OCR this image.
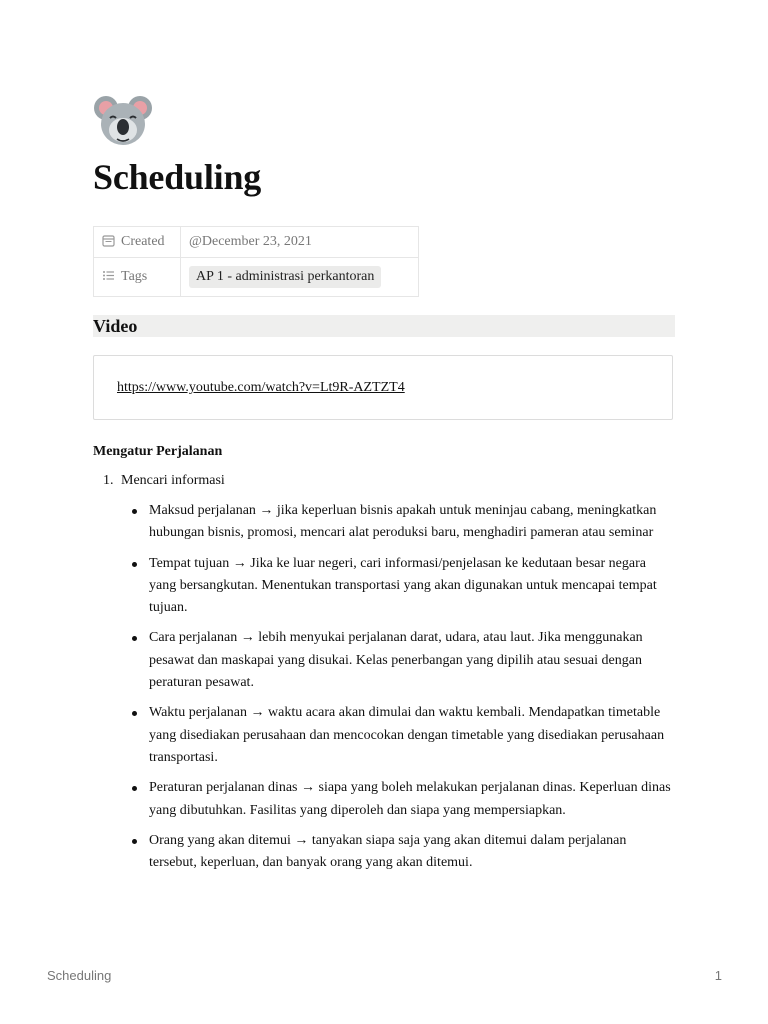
Scheduling
Created	@December 23, 2021
Tags	AP 1 - administrasi perkantoran
Video
https://www.youtube.com/watch?v=Lt9R-AZTZT4
Mengatur Perjalanan
1. Mencari informasi
Maksud perjalanan → jika keperluan bisnis apakah untuk meninjau cabang, meningkatkan hubungan bisnis, promosi, mencari alat peroduksi baru, menghadiri pameran atau seminar
Tempat tujuan → Jika ke luar negeri, cari informasi/penjelasan ke kedutaan besar negara yang bersangkutan. Menentukan transportasi yang akan digunakan untuk mencapai tempat tujuan.
Cara perjalanan → lebih menyukai perjalanan darat, udara, atau laut. Jika menggunakan pesawat dan maskapai yang disukai. Kelas penerbangan yang dipilih atau sesuai dengan peraturan pesawat.
Waktu perjalanan → waktu acara akan dimulai dan waktu kembali. Mendapatkan timetable yang disediakan perusahaan dan mencocokan dengan timetable yang disediakan perusahaan transportasi.
Peraturan perjalanan dinas → siapa yang boleh melakukan perjalanan dinas. Keperluan dinas yang dibutuhkan. Fasilitas yang diperoleh dan siapa yang mempersiapkan.
Orang yang akan ditemui → tanyakan siapa saja yang akan ditemui dalam perjalanan tersebut, keperluan, dan banyak orang yang akan ditemui.
Scheduling	1
